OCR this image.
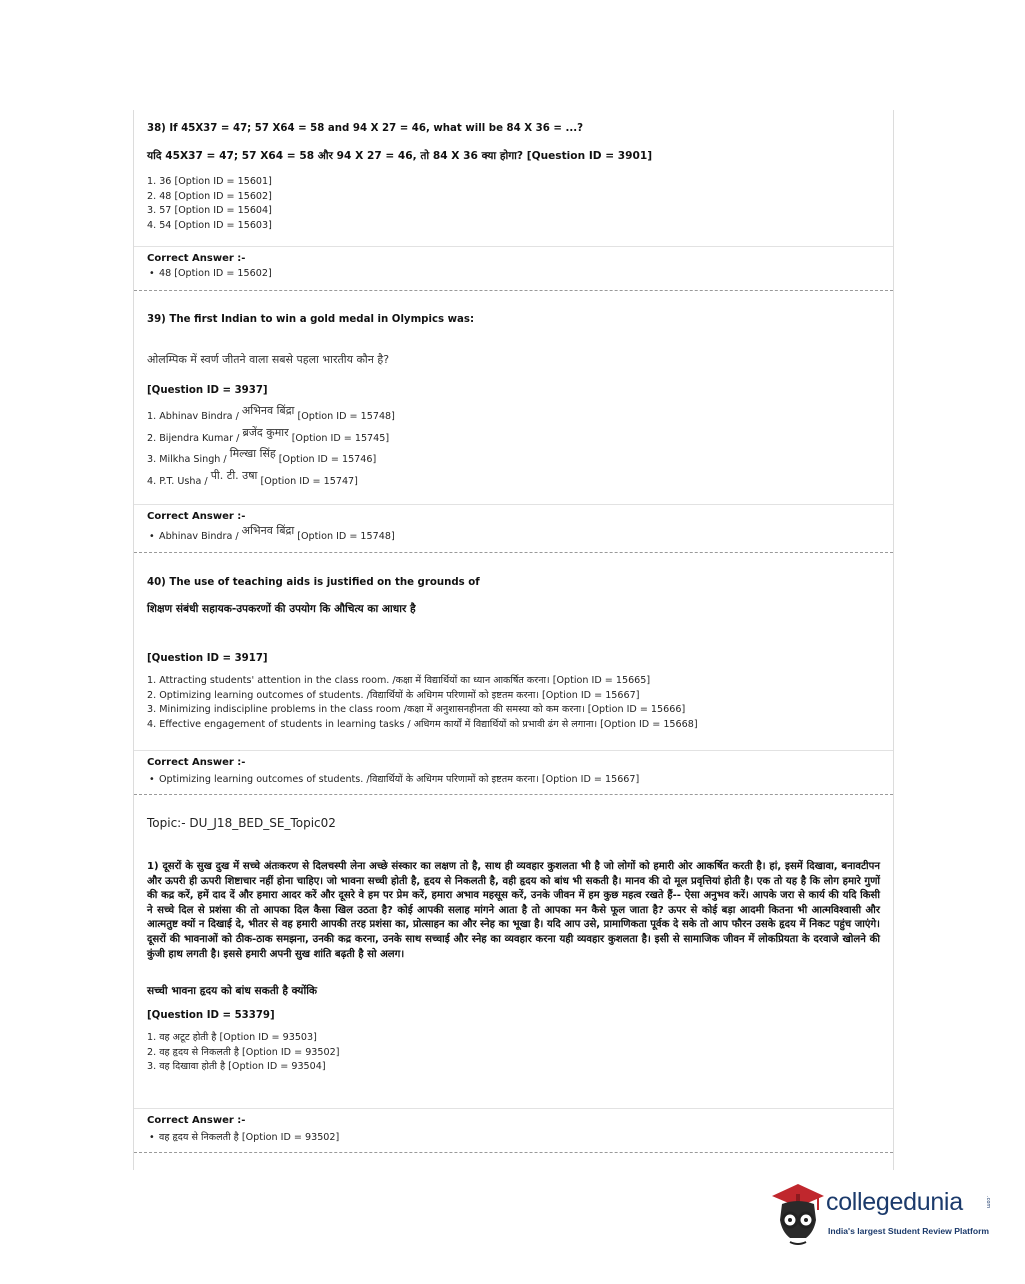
38) If 45X37 = 47; 57 X64 = 58 and 94 X 27 = 46, what will be 84 X 36 = ...?
यदि 45X37 = 47; 57 X64 = 58 और 94 X 27 = 46, तो 84 X 36 क्या होगा? [Question ID = 3901]
1. 36 [Option ID = 15601]
2. 48 [Option ID = 15602]
3. 57 [Option ID = 15604]
4. 54 [Option ID = 15603]
Correct Answer :-
• 48 [Option ID = 15602]
39) The first Indian to win a gold medal in Olympics was:
ओलम्पिक में स्वर्ण जीतने वाला सबसे पहला भारतीय कौन है?
[Question ID = 3937]
1. Abhinav Bindra / अभिनव बिंद्रा [Option ID = 15748]
2. Bijendra Kumar / ब्रजेंद कुमार [Option ID = 15745]
3. Milkha Singh / मिल्खा सिंह [Option ID = 15746]
4. P.T. Usha / पी. टी. उषा [Option ID = 15747]
Correct Answer :-
• Abhinav Bindra / अभिनव बिंद्रा [Option ID = 15748]
40) The use of teaching aids is justified on the grounds of
शिक्षण संबंधी सहायक-उपकरणों की उपयोग कि औचित्य का आधार है
[Question ID = 3917]
1. Attracting students' attention in the class room. /कक्षा में विद्यार्थियों का ध्यान आकर्षित करना। [Option ID = 15665]
2. Optimizing learning outcomes of students. /विद्यार्थियों के अधिगम परिणामों को इष्टतम करना। [Option ID = 15667]
3. Minimizing indiscipline problems in the class room /कक्षा में अनुशासनहीनता की समस्या को कम करना। [Option ID = 15666]
4. Effective engagement of students in learning tasks / अधिगम कार्यों में विद्यार्थियों को प्रभावी ढंग से लगाना। [Option ID = 15668]
Correct Answer :-
• Optimizing learning outcomes of students. /विद्यार्थियों के अधिगम परिणामों को इष्टतम करना। [Option ID = 15667]
Topic:- DU_J18_BED_SE_Topic02
1) दूसरों के सुख दुख में सच्चे अंतःकरण से दिलचस्पी लेना अच्छे संस्कार का लक्षण तो है, साथ ही व्यवहार कुशलता भी है जो लोगों को हमारी ओर आकर्षित करती है। हां, इसमें दिखावा, बनावटीपन और ऊपरी ही ऊपरी शिष्टाचार नहीं होना चाहिए। जो भावना सच्ची होती है, हृदय से निकलती है, वही हृदय को बांध भी सकती है। मानव की दो मूल प्रवृत्तियां होती है। एक तो यह है कि लोग हमारे गुणों की कद्र करें, हमें दाद दें और हमारा आदर करें और दूसरे वे हम पर प्रेम करें, हमारा अभाव महसूस करें, उनके जीवन में हम कुछ महत्व रखते हैं-- ऐसा अनुभव करें। आपके जरा से कार्य की यदि किसी ने सच्चे दिल से प्रशंसा की तो आपका दिल कैसा खिल उठता है? कोई आपकी सलाह मांगने आता है तो आपका मन कैसे फूल जाता है? ऊपर से कोई बड़ा आदमी कितना भी आत्मविश्वासी और आत्मतुष्ट क्यों न दिखाई दे, भीतर से वह हमारी आपकी तरह प्रशंसा का, प्रोत्साहन का और स्नेह का भूखा है। यदि आप उसे, प्रामाणिकता पूर्वक दे सके तो आप फौरन उसके हृदय में निकट पहुंच जाएंगे। दूसरों की भावनाओं को ठीक-ठाक समझना, उनकी कद्र करना, उनके साथ सच्चाई और स्नेह का व्यवहार करना यही व्यवहार कुशलता है। इसी से सामाजिक जीवन में लोकप्रियता के दरवाजे खोलने की कुंजी हाथ लगती है। इससे हमारी अपनी सुख शांति बढ़ती है सो अलग।
सच्ची भावना हृदय को बांध सकती है क्योंकि
[Question ID = 53379]
1. वह अटूट होती है [Option ID = 93503]
2. वह हृदय से निकलती है [Option ID = 93502]
3. वह दिखावा होती है [Option ID = 93504]
Correct Answer :-
• वह हृदय से निकलती है [Option ID = 93502]
collegedunia	.com
India's largest Student Review Platform
